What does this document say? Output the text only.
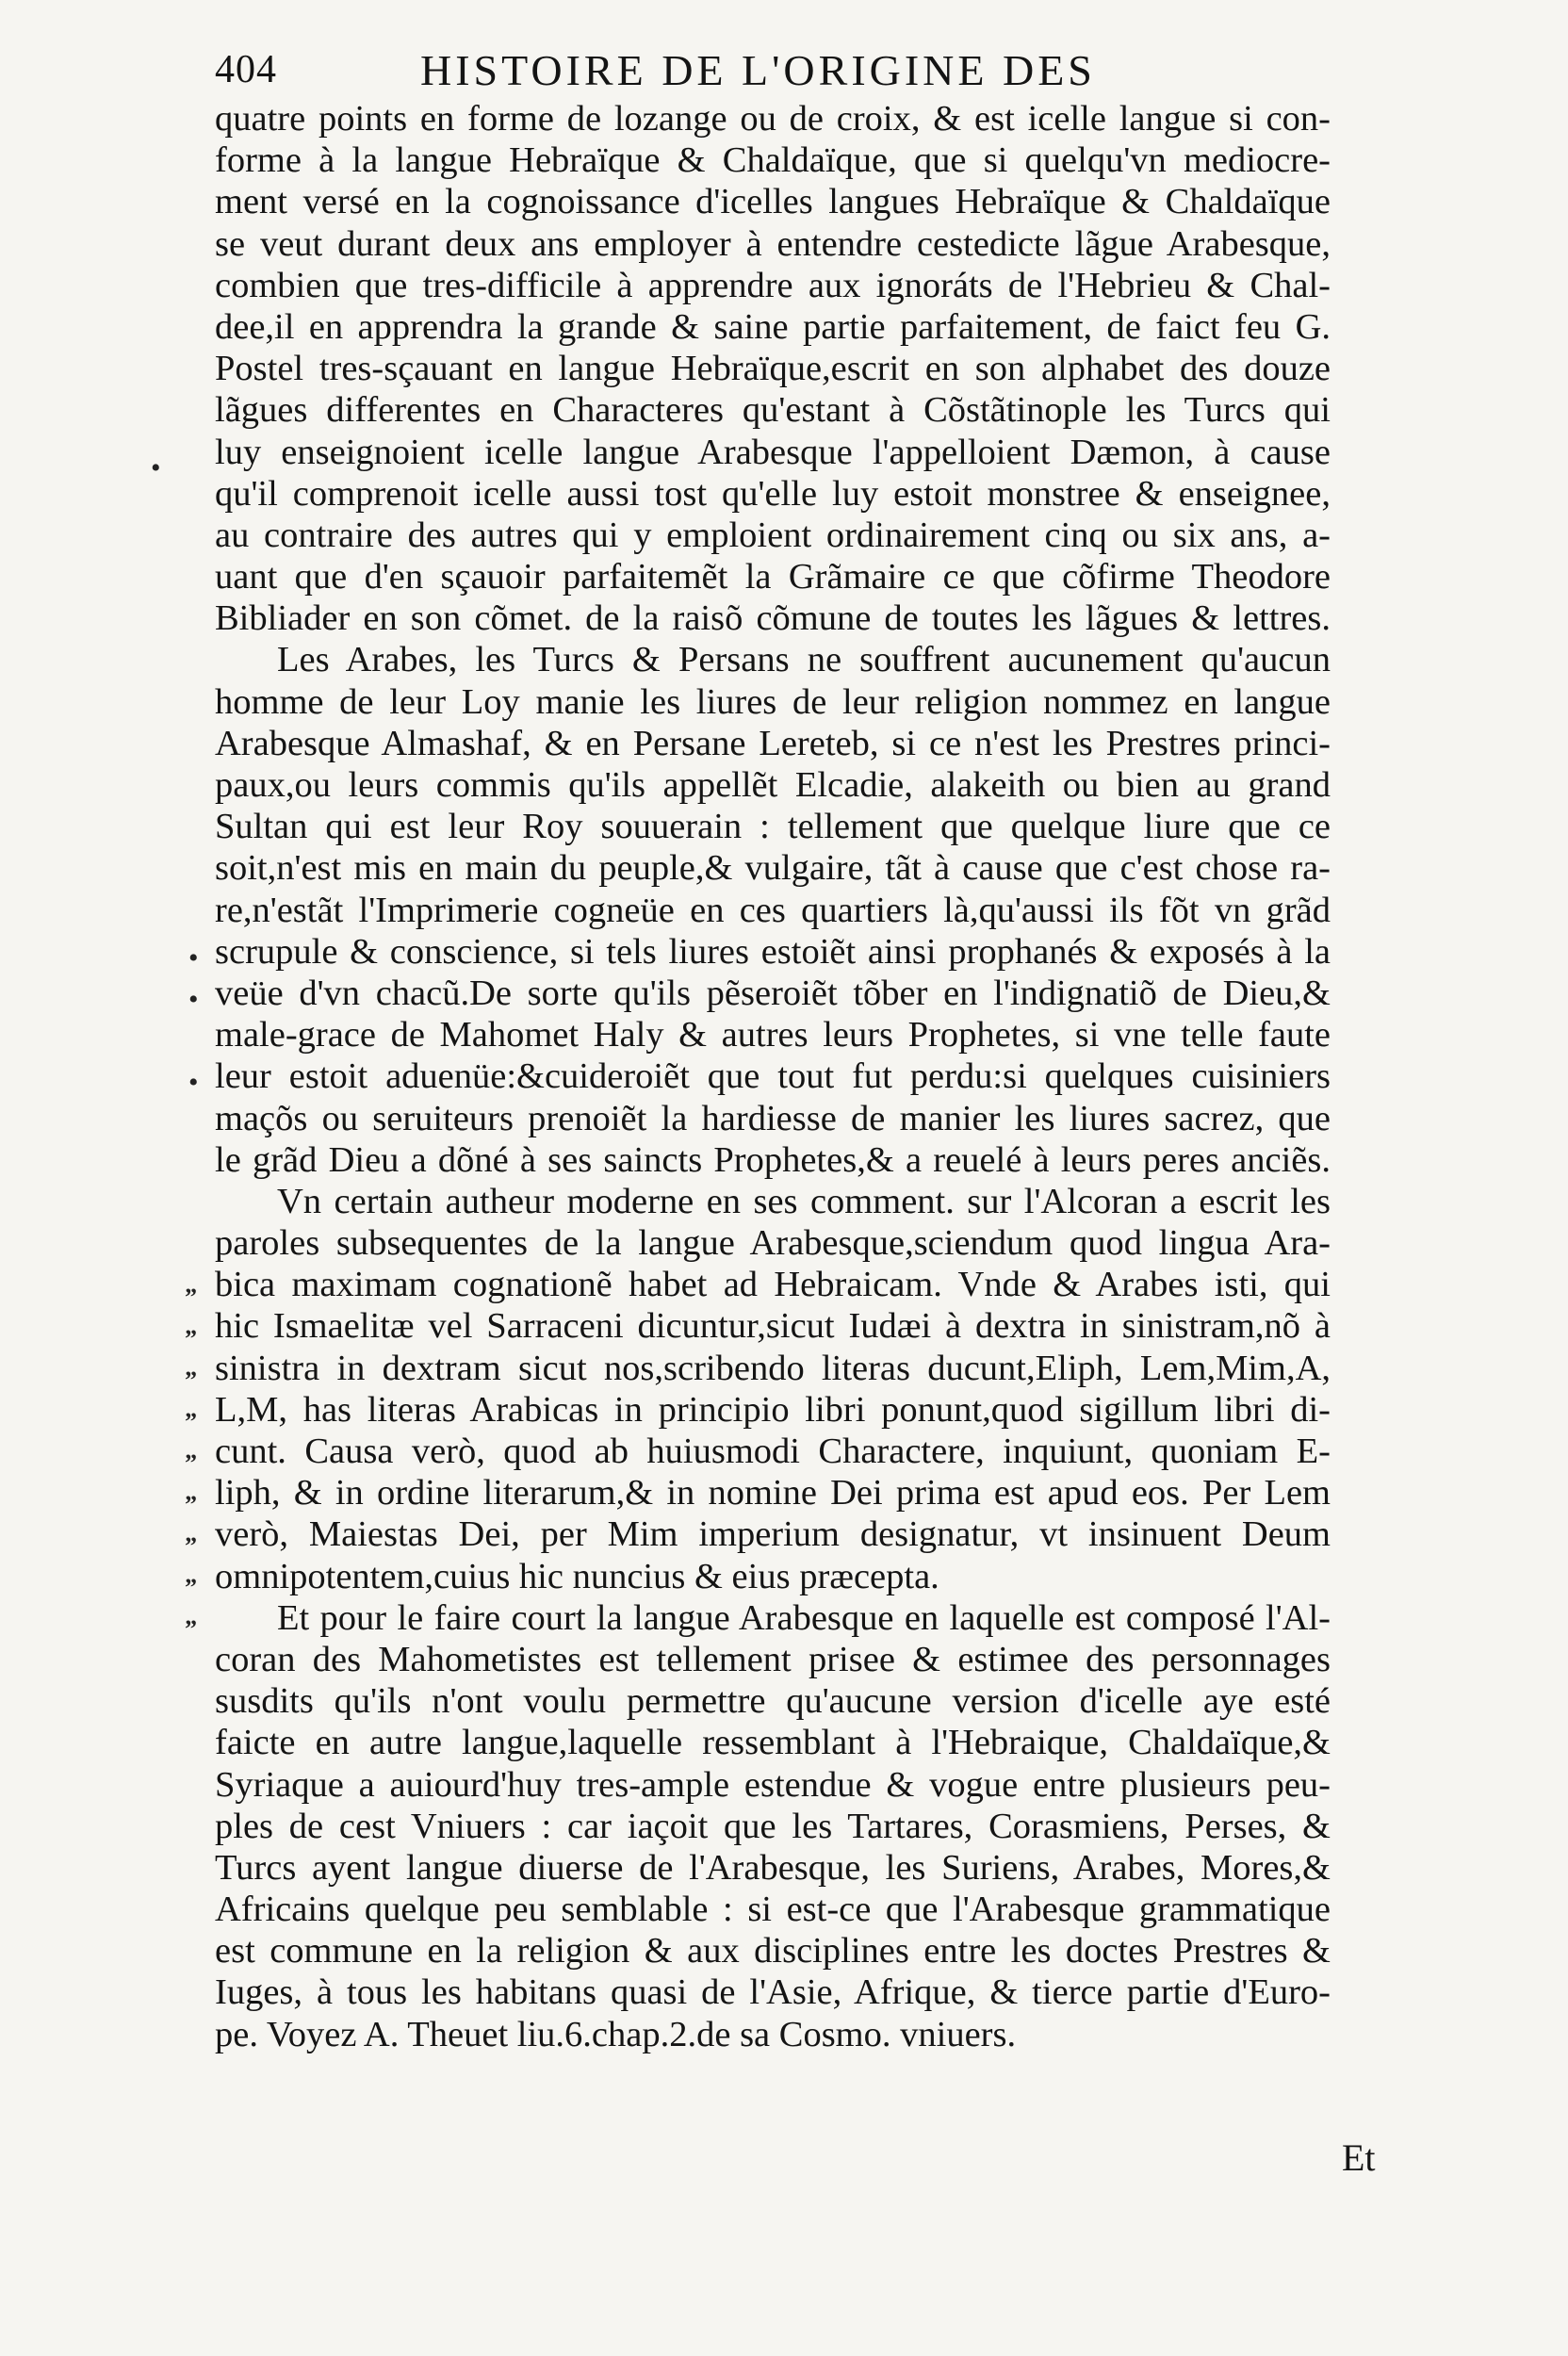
404	HISTOIRE DE L'ORIGINE DES
quatre points en forme de lozange ou de croix, & est icelle langue si con-
forme à la langue Hebraïque & Chaldaïque, que si quelqu'vn mediocre-
ment versé en la cognoissance d'icelles langues Hebraïque & Chaldaïque
se veut durant deux ans employer à entendre cestedicte lãgue Arabesque,
combien que tres-difficile à apprendre aux ignoráts de l'Hebrieu & Chal-
dee,il en apprendra la grande & saine partie parfaitement, de faict feu G.
Postel tres-sçauant en langue Hebraïque,escrit en son alphabet des douze
lãgues differentes en Characteres qu'estant à Cõstãtinople les Turcs qui
luy enseignoient icelle langue Arabesque l'appelloient Dæmon, à cause
qu'il comprenoit icelle aussi tost qu'elle luy estoit monstree & enseignee,
au contraire des autres qui y emploient ordinairement cinq ou six ans, a-
uant que d'en sçauoir parfaitemẽt la Grãmaire ce que cõfirme Theodore
Bibliader en son cõmet. de la raisõ cõmune de toutes les lãgues & lettres.
Les Arabes, les Turcs & Persans ne souffrent aucunement qu'aucun
homme de leur Loy manie les liures de leur religion nommez en langue
Arabesque Almashaf, & en Persane Lereteb, si ce n'est les Prestres princi-
paux,ou leurs commis qu'ils appellẽt Elcadie, alakeith ou bien au grand
Sultan qui est leur Roy souuerain : tellement que quelque liure que ce
soit,n'est mis en main du peuple,& vulgaire, tãt à cause que c'est chose ra-
re,n'estãt l'Imprimerie cogneüe en ces quartiers là,qu'aussi ils fõt vn grãd
scrupule & conscience, si tels liures estoiẽt ainsi prophanés & exposés à la
veüe d'vn chacũ.De sorte qu'ils pẽseroiẽt tõber en l'indignatiõ de Dieu,&
male-grace de Mahomet Haly & autres leurs Prophetes, si vne telle faute
leur estoit aduenüe:&cuideroiẽt que tout fut perdu:si quelques cuisiniers
maçõs ou seruiteurs prenoiẽt la hardiesse de manier les liures sacrez, que
le grãd Dieu a dõné à ses saincts Prophetes,& a reuelé à leurs peres anciẽs.
Vn certain autheur moderne en ses comment. sur l'Alcoran a escrit les
paroles subsequentes de la langue Arabesque,sciendum quod lingua Ara-
bica maximam cognationẽ habet ad Hebraicam. Vnde & Arabes isti, qui
hic Ismaelitæ vel Sarraceni dicuntur,sicut Iudæi à dextra in sinistram,nõ à
sinistra in dextram sicut nos,scribendo literas ducunt,Eliph, Lem,Mim,A,
L,M, has literas Arabicas in principio libri ponunt,quod sigillum libri di-
cunt. Causa verò, quod ab huiusmodi Charactere, inquiunt, quoniam E-
liph, & in ordine literarum,& in nomine Dei prima est apud eos. Per Lem
verò, Maiestas Dei, per Mim imperium designatur, vt insinuent Deum
omnipotentem,cuius hic nuncius & eius præcepta.
Et pour le faire court la langue Arabesque en laquelle est composé l'Al-
coran des Mahometistes est tellement prisee & estimee des personnages
susdits qu'ils n'ont voulu permettre qu'aucune version d'icelle aye esté
faicte en autre langue,laquelle ressemblant à l'Hebraique, Chaldaïque,&
Syriaque a auiourd'huy tres-ample estendue & vogue entre plusieurs peu-
ples de cest Vniuers : car iaçoit que les Tartares, Corasmiens, Perses, &
Turcs ayent langue diuerse de l'Arabesque, les Suriens, Arabes, Mores,&
Africains quelque peu semblable : si est-ce que l'Arabesque grammatique
est commune en la religion & aux disciplines entre les doctes Prestres &
Iuges, à tous les habitans quasi de l'Asie, Afrique, & tierce partie d'Euro-
pe. Voyez A. Theuet liu.6.chap.2.de sa Cosmo. vniuers.
”
”
”
”
”
”
”
”
”
•
•
•
•
Et
